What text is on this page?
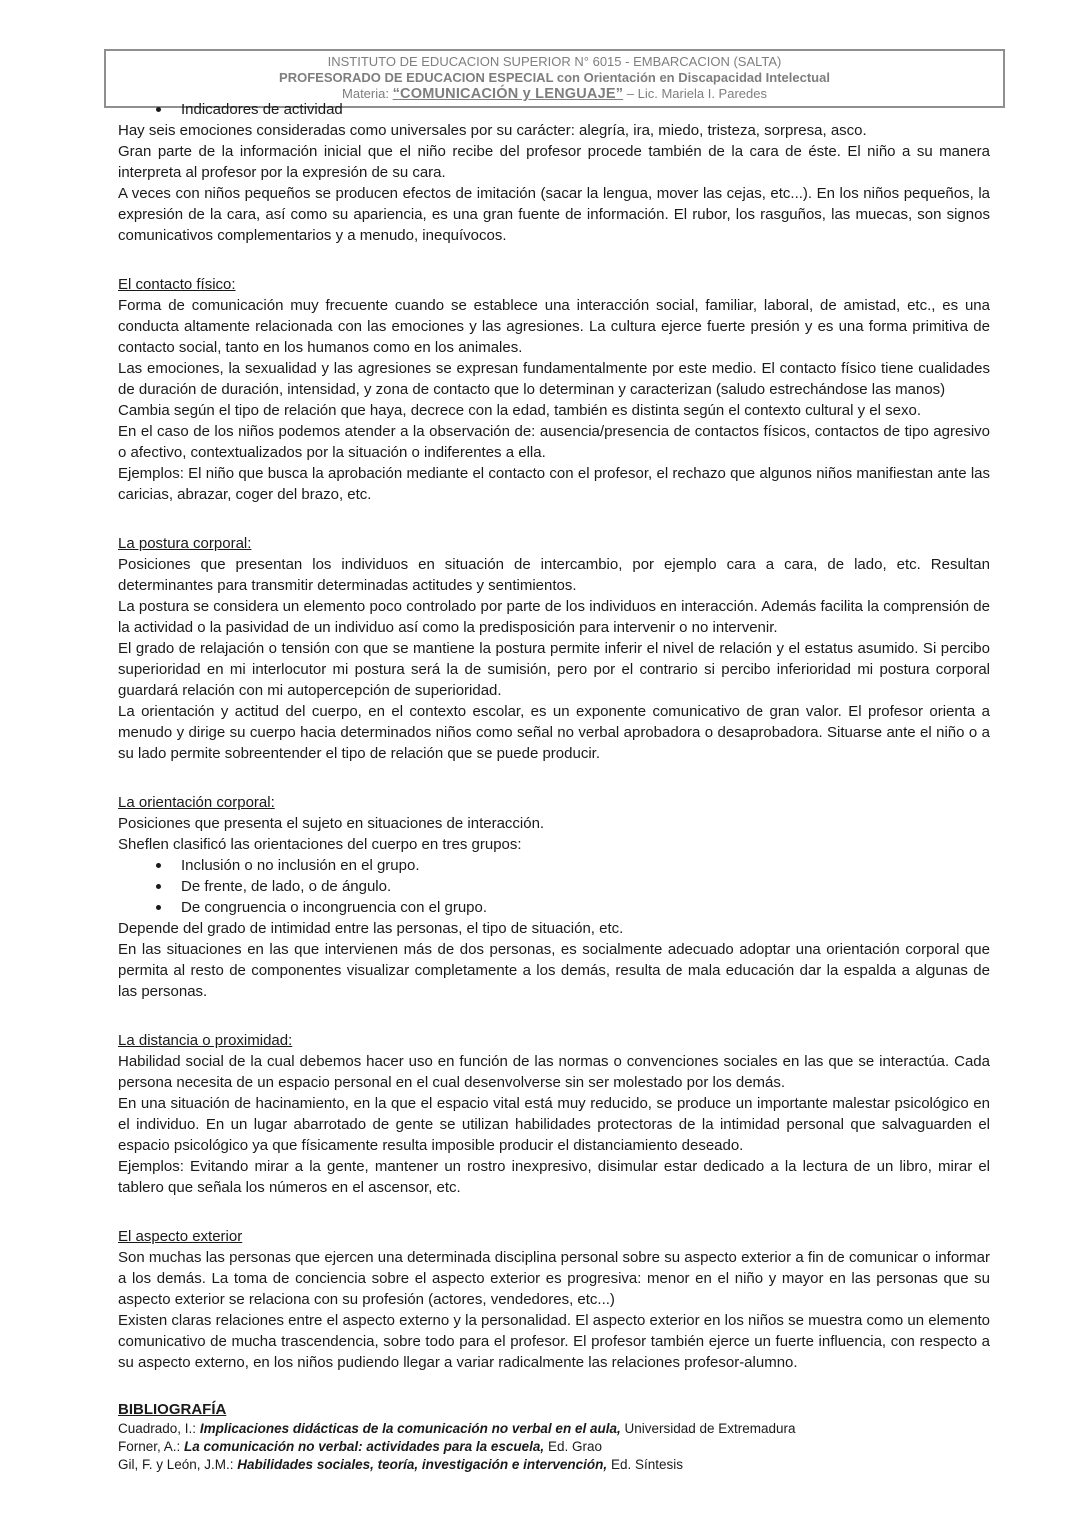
INSTITUTO DE EDUCACION SUPERIOR N° 6015 - EMBARCACION (SALTA)
PROFESORADO DE EDUCACION ESPECIAL con Orientación en Discapacidad Intelectual
Materia: “COMUNICACIÓN y LENGUAJE” – Lic. Mariela I. Paredes
Indicadores de actividad

Hay seis emociones consideradas como universales por su carácter: alegría, ira, miedo, tristeza, sorpresa, asco.

Gran parte de la información inicial que el niño recibe del profesor procede también de la cara de éste. El niño a su manera interpreta al profesor por la expresión de su cara.

A veces con niños pequeños se producen efectos de imitación (sacar la lengua, mover las cejas, etc...). En los niños pequeños, la expresión de la cara, así como su apariencia, es una gran fuente de información. El rubor, los rasguños, las muecas, son signos comunicativos complementarios y a menudo, inequívocos.

El contacto físico:

Forma de comunicación muy frecuente cuando se establece una interacción social, familiar, laboral, de amistad, etc., es una conducta altamente relacionada con las emociones y las agresiones. La cultura ejerce fuerte presión y es una forma primitiva de contacto social, tanto en los humanos como en los animales.

Las emociones, la sexualidad y las agresiones se expresan fundamentalmente por este medio. El contacto físico tiene cualidades de duración de duración, intensidad, y zona de contacto que lo determinan y caracterizan (saludo estrechándose las manos)

Cambia según el tipo de relación que haya, decrece con la edad, también es distinta según el contexto cultural y el sexo.

En el caso de los niños podemos atender a la observación de: ausencia/presencia de contactos físicos, contactos de tipo agresivo o afectivo, contextualizados por la situación o indiferentes a ella.

Ejemplos: El niño que busca la aprobación mediante el contacto con el profesor, el rechazo que algunos niños manifiestan ante las caricias, abrazar, coger del brazo, etc.

La postura corporal:

Posiciones que presentan los individuos en situación de intercambio, por ejemplo cara a cara, de lado, etc. Resultan determinantes para transmitir determinadas actitudes y sentimientos.

La postura se considera un elemento poco controlado por parte de los individuos en interacción. Además facilita la comprensión de la actividad o la pasividad de un individuo así como la predisposición para intervenir o no intervenir.

El grado de relajación o tensión con que se mantiene la postura permite inferir el nivel de relación y el estatus asumido. Si percibo superioridad en mi interlocutor mi postura será la de sumisión, pero por el contrario si percibo inferioridad mi postura corporal guardará relación con mi autopercepción de superioridad.

La orientación y actitud del cuerpo, en el contexto escolar, es un exponente comunicativo de gran valor. El profesor orienta a menudo y dirige su cuerpo hacia determinados niños como señal no verbal aprobadora o desaprobadora. Situarse ante el niño o a su lado permite sobreentender el tipo de relación que se puede producir.

La orientación corporal:

Posiciones que presenta el sujeto en situaciones de interacción.

Sheflen clasificó las orientaciones del cuerpo en tres grupos:

Inclusión o no inclusión en el grupo.
De frente, de lado, o de ángulo.
De congruencia o incongruencia con el grupo.

Depende del grado de intimidad entre las personas, el tipo de situación, etc.

En las situaciones en las que intervienen más de dos personas, es socialmente adecuado adoptar una orientación corporal que permita al resto de componentes visualizar completamente a los demás, resulta de mala educación dar la espalda a algunas de las personas.

La distancia o proximidad:

Habilidad social de la cual debemos hacer uso en función de las normas o convenciones sociales en las que se interactúa. Cada persona necesita de un espacio personal en el cual desenvolverse sin ser molestado por los demás.

En una situación de hacinamiento, en la que el espacio vital está muy reducido, se produce un importante malestar psicológico en el individuo. En un lugar abarrotado de gente se utilizan habilidades protectoras de la intimidad personal que salvaguarden el espacio psicológico ya que físicamente resulta imposible producir el distanciamiento deseado.

Ejemplos: Evitando mirar a la gente, mantener un rostro inexpresivo, disimular estar dedicado a la lectura de un libro, mirar el tablero que señala los números en el ascensor, etc.

El aspecto exterior

Son muchas las personas que ejercen una determinada disciplina personal sobre su aspecto exterior a fin de comunicar o informar a los demás. La toma de conciencia sobre el aspecto exterior es progresiva: menor en el niño y mayor en las personas que su aspecto exterior se relaciona con su profesión (actores, vendedores, etc...)

Existen claras relaciones entre el aspecto externo y la personalidad. El aspecto exterior en los niños se muestra como un elemento comunicativo de mucha trascendencia, sobre todo para el profesor. El profesor también ejerce un fuerte influencia, con respecto a su aspecto externo, en los niños pudiendo llegar a variar radicalmente las relaciones profesor-alumno.

BIBLIOGRAFÍA

Cuadrado, I.: Implicaciones didácticas de la comunicación no verbal en el aula, Universidad de Extremadura

Forner, A.: La comunicación no verbal: actividades para la escuela, Ed. Grao

Gil, F. y León, J.M.: Habilidades sociales, teoría, investigación e intervención, Ed. Síntesis
